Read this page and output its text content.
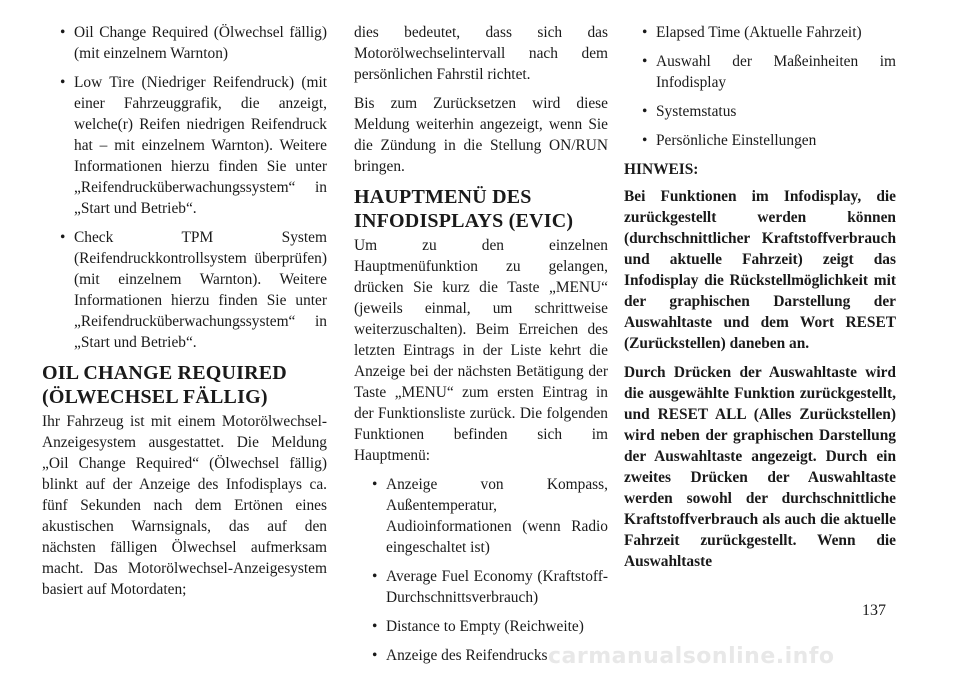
• Oil Change Required (Ölwechsel fällig) (mit einzelnem Warnton)
• Low Tire (Niedriger Reifendruck) (mit einer Fahrzeuggrafik, die anzeigt, welche(r) Reifen niedrigen Reifendruck hat – mit einzelnem Warnton). Weitere Informationen hierzu finden Sie unter „Reifendrucküberwachungssystem“ in „Start und Betrieb“.
• Check TPM System (Reifendruckkontrollsystem überprüfen) (mit einzelnem Warnton). Weitere Informationen hierzu finden Sie unter „Reifendrucküberwachungssystem“ in „Start und Betrieb“.
OIL CHANGE REQUIRED (ÖLWECHSEL FÄLLIG)

Ihr Fahrzeug ist mit einem Motorölwechsel-Anzeigesystem ausgestattet. Die Meldung „Oil Change Required“ (Ölwechsel fällig) blinkt auf der Anzeige des Infodisplays ca. fünf Sekunden nach dem Ertönen eines akustischen Warnsignals, das auf den nächsten fälligen Ölwechsel aufmerksam macht. Das Motorölwechsel-Anzeigesystem basiert auf Motordaten;

dies bedeutet, dass sich das Motorölwechselintervall nach dem persönlichen Fahrstil richtet.

Bis zum Zurücksetzen wird diese Meldung weiterhin angezeigt, wenn Sie die Zündung in die Stellung ON/RUN bringen.

HAUPTMENÜ DES INFODISPLAYS (EVIC)

Um zu den einzelnen Hauptmenüfunktion zu gelangen, drücken Sie kurz die Taste „MENU“ (jeweils einmal, um schrittweise weiterzuschalten). Beim Erreichen des letzten Eintrags in der Liste kehrt die Anzeige bei der nächsten Betätigung der Taste „MENU“ zum ersten Eintrag in der Funktionsliste zurück. Die folgenden Funktionen befinden sich im Hauptmenü:

• Anzeige von Kompass, Außentemperatur, Audioinformationen (wenn Radio eingeschaltet ist)
• Average Fuel Economy (Kraftstoff-Durchschnittsverbrauch)
• Distance to Empty (Reichweite)
• Anzeige des Reifendrucks
• Elapsed Time (Aktuelle Fahrzeit)
• Auswahl der Maßeinheiten im Infodisplay
• Systemstatus
• Persönliche Einstellungen

HINWEIS:

Bei Funktionen im Infodisplay, die zurückgestellt werden können (durchschnittlicher Kraftstoffverbrauch und aktuelle Fahrzeit) zeigt das Infodisplay die Rückstellmöglichkeit mit der graphischen Darstellung der Auswahltaste und dem Wort RESET (Zurückstellen) daneben an.

Durch Drücken der Auswahltaste wird die ausgewählte Funktion zurückgestellt, und RESET ALL (Alles Zurückstellen) wird neben der graphischen Darstellung der Auswahltaste angezeigt. Durch ein zweites Drücken der Auswahltaste werden sowohl der durchschnittliche Kraftstoffverbrauch als auch die aktuelle Fahrzeit zurückgestellt. Wenn die Auswahltaste

137
carmanualsonline.info
